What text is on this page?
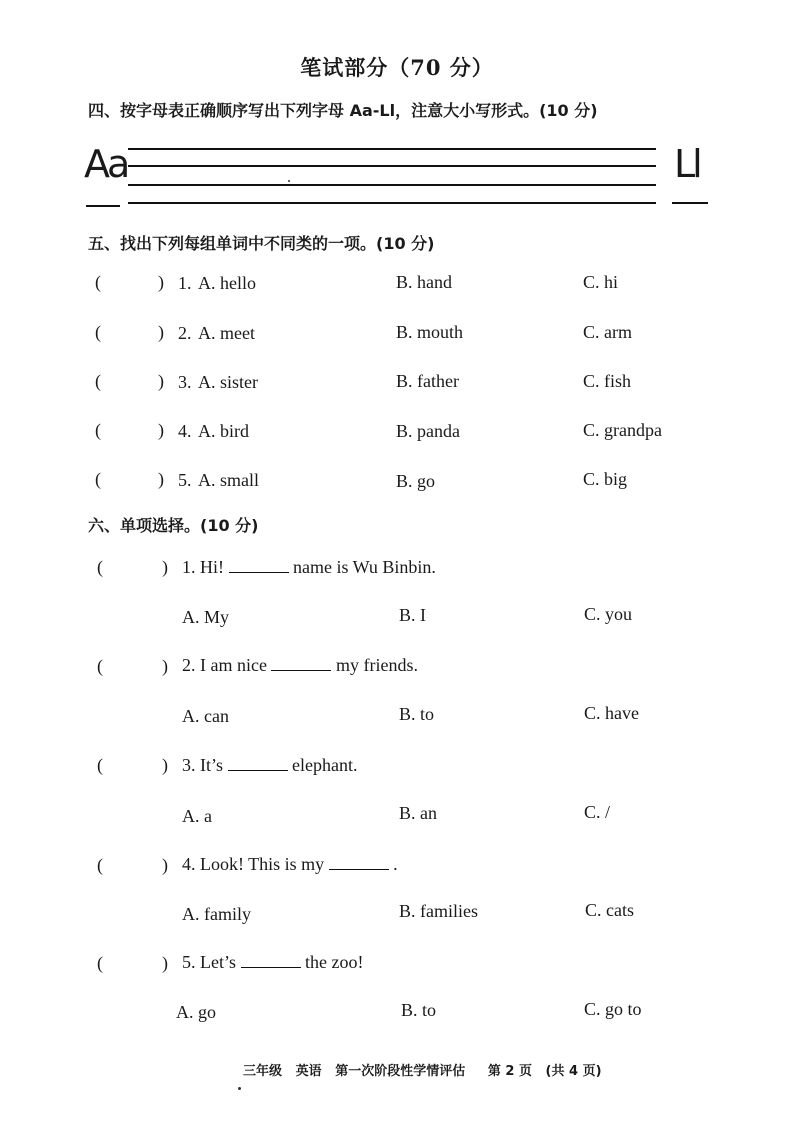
笔试部分（70 分）
四、按字母表正确顺序写出下列字母 Aa-Ll，注意大小写形式。(10 分)
Aa	Ll
五、找出下列每组单词中不同类的一项。(10 分)
(	) 1. A. hello	B. hand	C. hi
(	) 2. A. meet	B. mouth	C. arm
(	) 3. A. sister	B. father	C. fish
(	) 4. A. bird	B. panda	C. grandpa
(	) 5. A. small	B. go	C. big
六、单项选择。(10 分)
(	) 1. Hi!	name is Wu Binbin.
A. My	B. I	C. you
(	) 2. I am nice	my friends.
A. can	B. to	C. have
(	) 3. It’s	elephant.
A. a	B. an	C. /
(	) 4. Look! This is my	.
A. family	B. families	C. cats
(	) 5. Let’s	the zoo!
A. go	B. to	C. go to
三年级 英语 第一次阶段性学情评估 第 2 页 (共 4 页)
